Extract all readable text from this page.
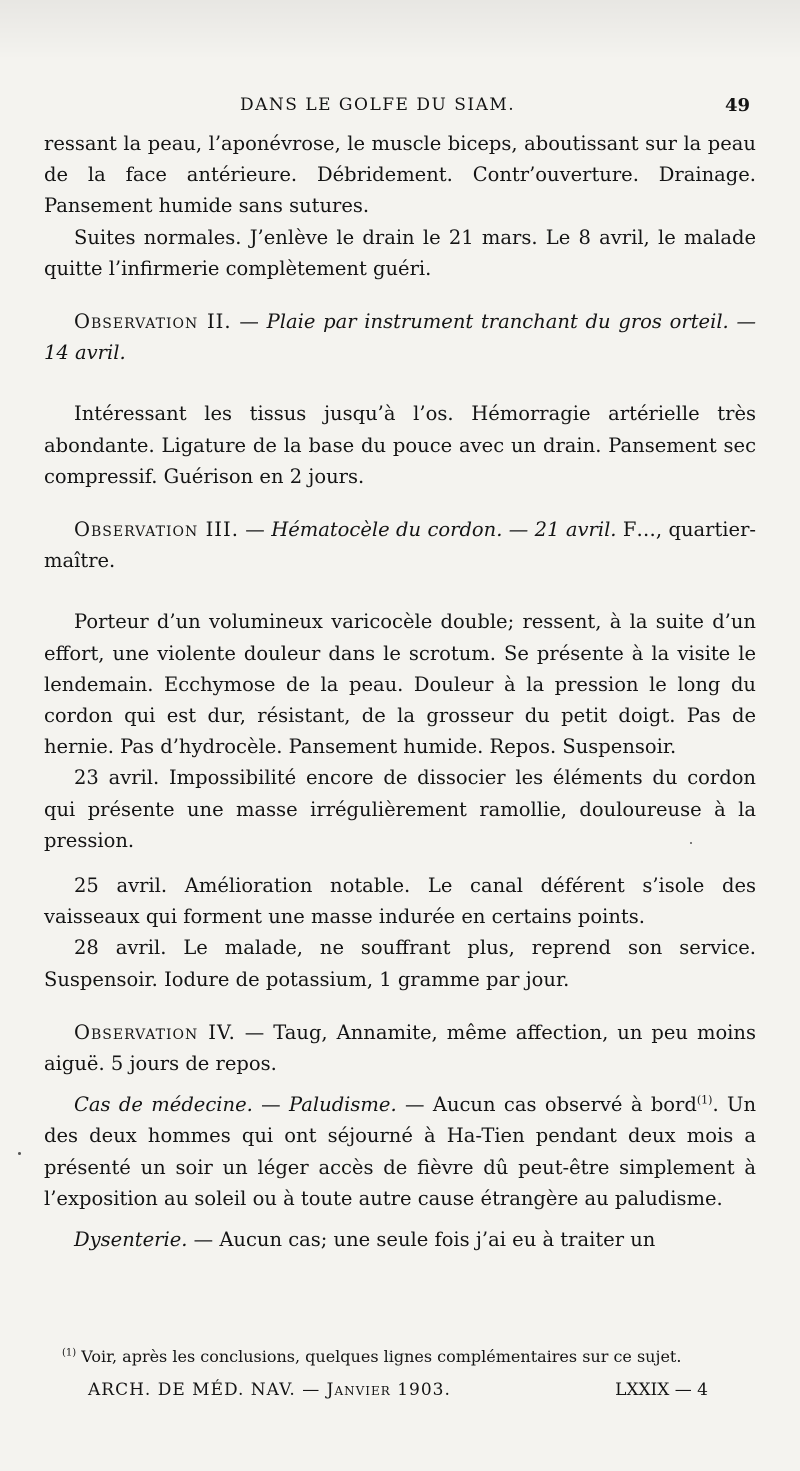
DANS LE GOLFE DU SIAM.	49

ressant la peau, l’aponévrose, le muscle biceps, aboutissant sur la peau de la face antérieure. Débridement. Contr’ouverture. Drainage. Pansement humide sans sutures.

Suites normales. J’enlève le drain le 21 mars. Le 8 avril, le malade quitte l’infirmerie complètement guéri.

Observation II. — Plaie par instrument tranchant du gros orteil. — 14 avril.

Intéressant les tissus jusqu’à l’os. Hémorragie artérielle très abondante. Ligature de la base du pouce avec un drain. Pansement sec compressif. Guérison en 2 jours.

Observation III. — Hématocèle du cordon. — 21 avril. F…, quartier-maître.

Porteur d’un volumineux varicocèle double; ressent, à la suite d’un effort, une violente douleur dans le scrotum. Se présente à la visite le lendemain. Ecchymose de la peau. Douleur à la pression le long du cordon qui est dur, résistant, de la grosseur du petit doigt. Pas de hernie. Pas d’hydrocèle. Pansement humide. Repos. Suspensoir.

23 avril. Impossibilité encore de dissocier les éléments du cordon qui présente une masse irrégulièrement ramollie, douloureuse à la pression.

25 avril. Amélioration notable. Le canal déférent s’isole des vaisseaux qui forment une masse indurée en certains points.

28 avril. Le malade, ne souffrant plus, reprend son service. Suspensoir. Iodure de potassium, 1 gramme par jour.

Observation IV. — Taug, Annamite, même affection, un peu moins aiguë. 5 jours de repos.

Cas de médecine. — Paludisme. — Aucun cas observé à bord$^{(1)}$. Un des deux hommes qui ont séjourné à Ha-Tien pendant deux mois a présenté un soir un léger accès de fièvre dû peut-être simplement à l’exposition au soleil ou à toute autre cause étrangère au paludisme.

Dysenterie. — Aucun cas; une seule fois j’ai eu à traiter un

$^{(1)}$ Voir, après les conclusions, quelques lignes complémentaires sur ce sujet.
ARCH. DE MÉD. NAV. — Janvier 1903.	LXXIX — 4
